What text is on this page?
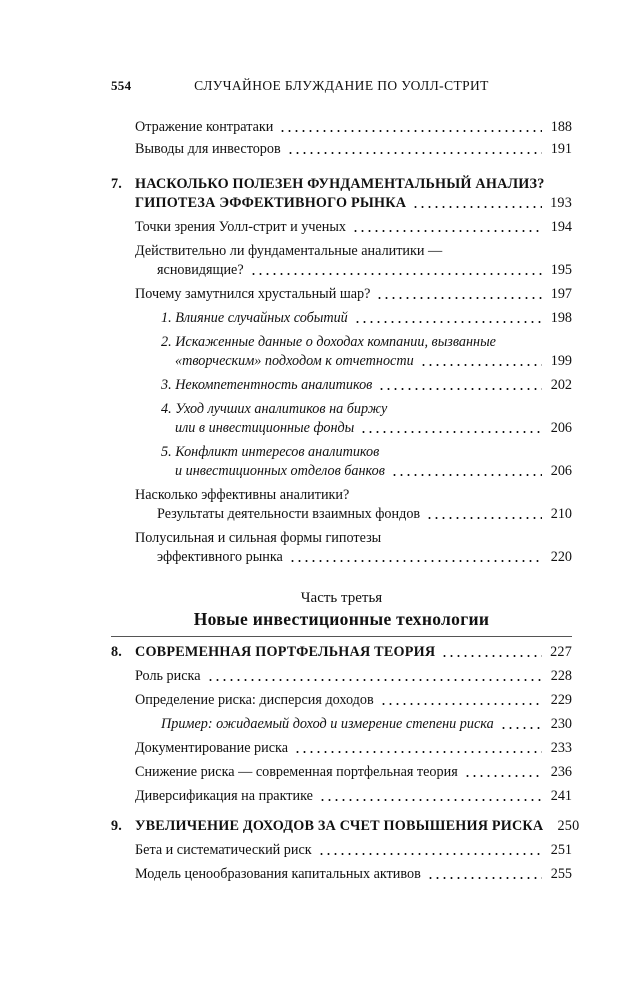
554	СЛУЧАЙНОЕ БЛУЖДАНИЕ ПО УОЛЛ-СТРИТ
Отражение контратаки	188
Выводы для инвесторов	191
7. НАСКОЛЬКО ПОЛЕЗЕН ФУНДАМЕНТАЛЬНЫЙ АНАЛИЗ?
ГИПОТЕЗА ЭФФЕКТИВНОГО РЫНКА	193
Точки зрения Уолл-стрит и ученых	194
Действительно ли фундаментальные аналитики —
ясновидящие?	195
Почему замутнился хрустальный шар?	197
1. Влияние случайных событий	198
2. Искаженные данные о доходах компании, вызванные
«творческим» подходом к отчетности	199
3. Некомпетентность аналитиков	202
4. Уход лучших аналитиков на биржу
или в инвестиционные фонды	206
5. Конфликт интересов аналитиков
и инвестиционных отделов банков	206
Насколько эффективны аналитики?
Результаты деятельности взаимных фондов	210
Полусильная и сильная формы гипотезы
эффективного рынка	220
Часть третья
Новые инвестиционные технологии
8. СОВРЕМЕННАЯ ПОРТФЕЛЬНАЯ ТЕОРИЯ	227
Роль риска	228
Определение риска: дисперсия доходов	229
Пример: ожидаемый доход и измерение степени риска	230
Документирование риска	233
Снижение риска — современная портфельная теория	236
Диверсификация на практике	241
9. УВЕЛИЧЕНИЕ ДОХОДОВ ЗА СЧЕТ ПОВЫШЕНИЯ РИСКА 250
Бета и систематический риск	251
Модель ценообразования капитальных активов	255
